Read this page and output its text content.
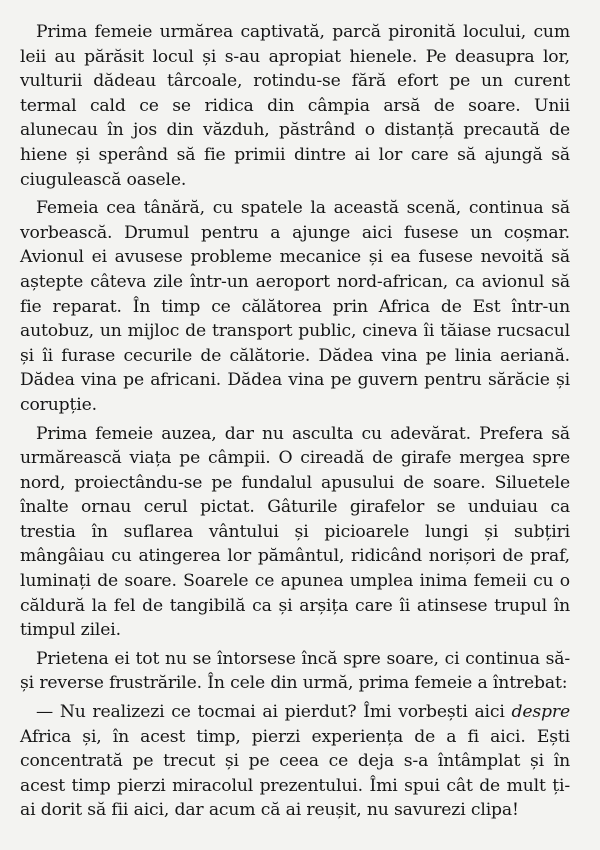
Prima femeie urmărea captivată, parcă pironită locului, cum leii au părăsit locul și s-au apropiat hienele. Pe deasupra lor, vulturii dădeau târcoale, rotindu-se fără efort pe un curent termal cald ce se ridica din câmpia arsă de soare. Unii alunecau în jos din văzduh, păstrând o distanță precaută de hiene și sperând să fie primii dintre ai lor care să ajungă să ciugulească oasele.

Femeia cea tânără, cu spatele la această scenă, continua să vorbească. Drumul pentru a ajunge aici fusese un coșmar. Avionul ei avusese probleme mecanice și ea fusese nevoită să aștepte câteva zile într-un aeroport nord-african, ca avionul să fie reparat. În timp ce călătorea prin Africa de Est într-un autobuz, un mijloc de transport public, cineva îi tăiase rucsacul și îi furase cecurile de călătorie. Dădea vina pe linia aeriană. Dădea vina pe africani. Dădea vina pe guvern pentru sărăcie și corupție.

Prima femeie auzea, dar nu asculta cu adevărat. Prefera să urmărească viața pe câmpii. O cireadă de girafe mergea spre nord, proiectându-se pe fundalul apusului de soare. Siluetele înalte ornau cerul pictat. Gâturile girafelor se unduiau ca trestia în suflarea vântului și picioarele lungi și subțiri mângâiau cu atingerea lor pământul, ridicând norișori de praf, luminați de soare. Soarele ce apunea umplea inima femeii cu o căldură la fel de tangibilă ca și arșița care îi atinsese trupul în timpul zilei.

Prietena ei tot nu se întorsese încă spre soare, ci continua să-și reverse frustrările. În cele din urmă, prima femeie a întrebat:

— Nu realizezi ce tocmai ai pierdut? Îmi vorbești aici despre Africa și, în acest timp, pierzi experiența de a fi aici. Ești concentrată pe trecut și pe ceea ce deja s-a întâmplat și în acest timp pierzi miracolul prezentului. Îmi spui cât de mult ți-ai dorit să fii aici, dar acum că ai reușit, nu savurezi clipa!
